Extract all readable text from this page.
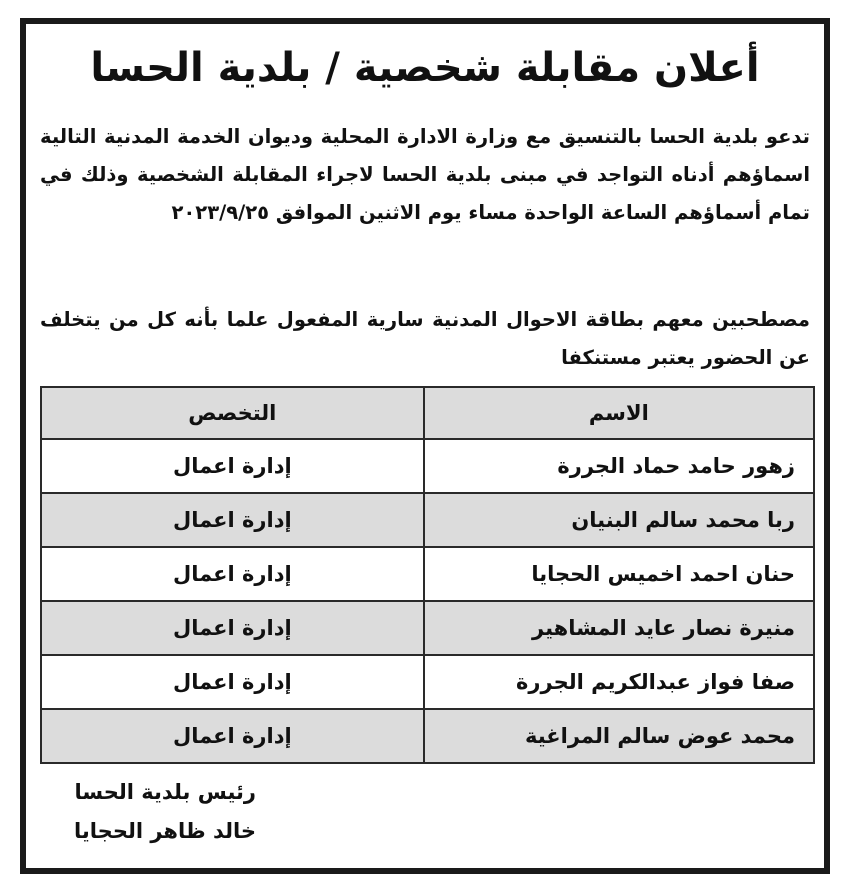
أعلان مقابلة شخصية / بلدية الحسا
تدعو بلدية الحسا بالتنسيق مع وزارة الادارة المحلية وديوان الخدمة المدنية التالية اسماؤهم أدناه التواجد في مبنى بلدية الحسا لاجراء المقابلة الشخصية وذلك في تمام أسماؤهم الساعة الواحدة مساء يوم الاثنين الموافق ٢٠٢٣/٩/٢٥
مصطحبين معهم بطاقة الاحوال المدنية سارية المفعول علما بأنه كل من يتخلف عن الحضور يعتبر مستنكفا
الاسم	التخصص
زهور حامد حماد الجررة	إدارة اعمال
ربا محمد سالم البنيان	إدارة اعمال
حنان احمد اخميس الحجايا	إدارة اعمال
منيرة نصار عايد المشاهير	إدارة اعمال
صفا فواز عبدالكريم الجررة	إدارة اعمال
محمد عوض سالم المراغية	إدارة اعمال
رئيس بلدية الحسا
خالد ظاهر الحجايا
